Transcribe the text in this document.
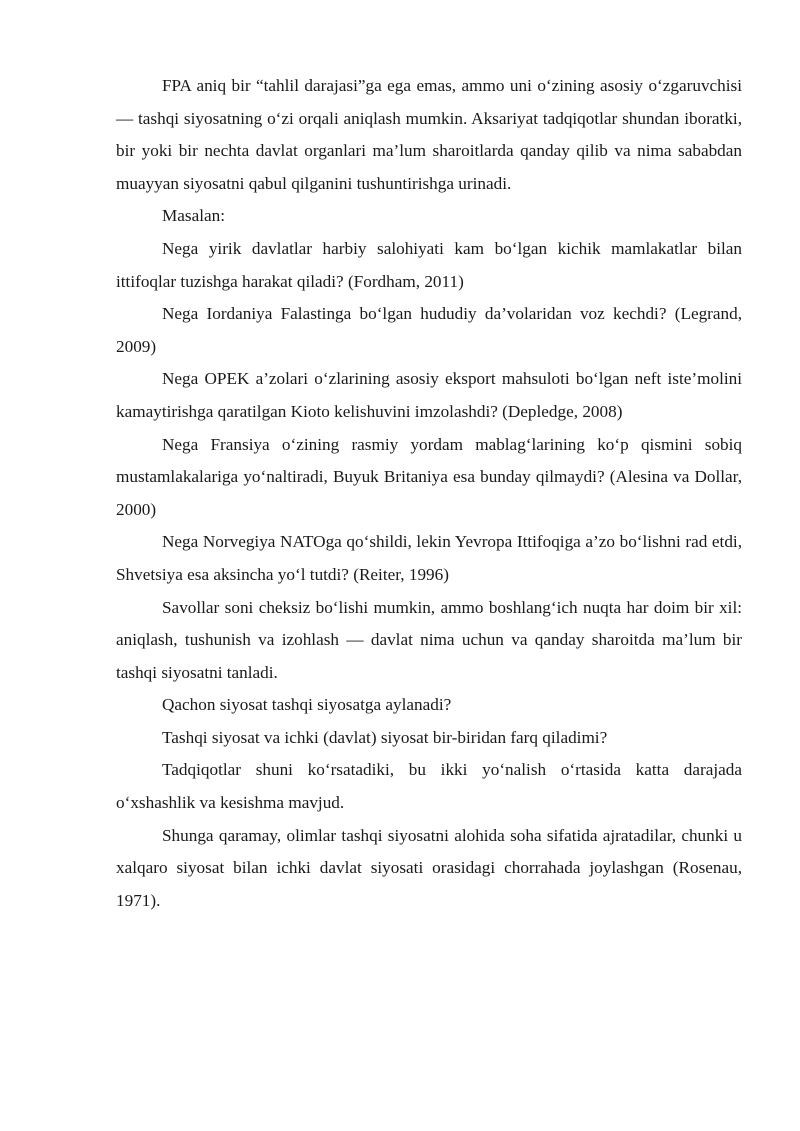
FPA aniq bir “tahlil darajasi”ga ega emas, ammo uni o‘zining asosiy o‘zgaruvchisi — tashqi siyosatning o‘zi orqali aniqlash mumkin. Aksariyat tadqiqotlar shundan iboratki, bir yoki bir nechta davlat organlari ma’lum sharoitlarda qanday qilib va nima sababdan muayyan siyosatni qabul qilganini tushuntirishga urinadi.

Masalan:

Nega yirik davlatlar harbiy salohiyati kam bo‘lgan kichik mamlakatlar bilan ittifoqlar tuzishga harakat qiladi? (Fordham, 2011)

Nega Iordaniya Falastinga bo‘lgan hududiy da’volaridan voz kechdi? (Legrand, 2009)

Nega OPEK a’zolari o‘zlarining asosiy eksport mahsuloti bo‘lgan neft iste’molini kamaytirishga qaratilgan Kioto kelishuvini imzolashdi? (Depledge, 2008)

Nega Fransiya o‘zining rasmiy yordam mablag‘larining ko‘p qismini sobiq mustamlakalariga yo‘naltiradi, Buyuk Britaniya esa bunday qilmaydi? (Alesina va Dollar, 2000)

Nega Norvegiya NATOga qo‘shildi, lekin Yevropa Ittifoqiga a’zo bo‘lishni rad etdi, Shvetsiya esa aksincha yo‘l tutdi? (Reiter, 1996)

Savollar soni cheksiz bo‘lishi mumkin, ammo boshlang‘ich nuqta har doim bir xil: aniqlash, tushunish va izohlash — davlat nima uchun va qanday sharoitda ma’lum bir tashqi siyosatni tanladi.

Qachon siyosat tashqi siyosatga aylanadi?

Tashqi siyosat va ichki (davlat) siyosat bir-biridan farq qiladimi?

Tadqiqotlar shuni ko‘rsatadiki, bu ikki yo‘nalish o‘rtasida katta darajada o‘xshashlik va kesishma mavjud.

Shunga qaramay, olimlar tashqi siyosatni alohida soha sifatida ajratadilar, chunki u xalqaro siyosat bilan ichki davlat siyosati orasidagi chorrahada joylashgan (Rosenau, 1971).
